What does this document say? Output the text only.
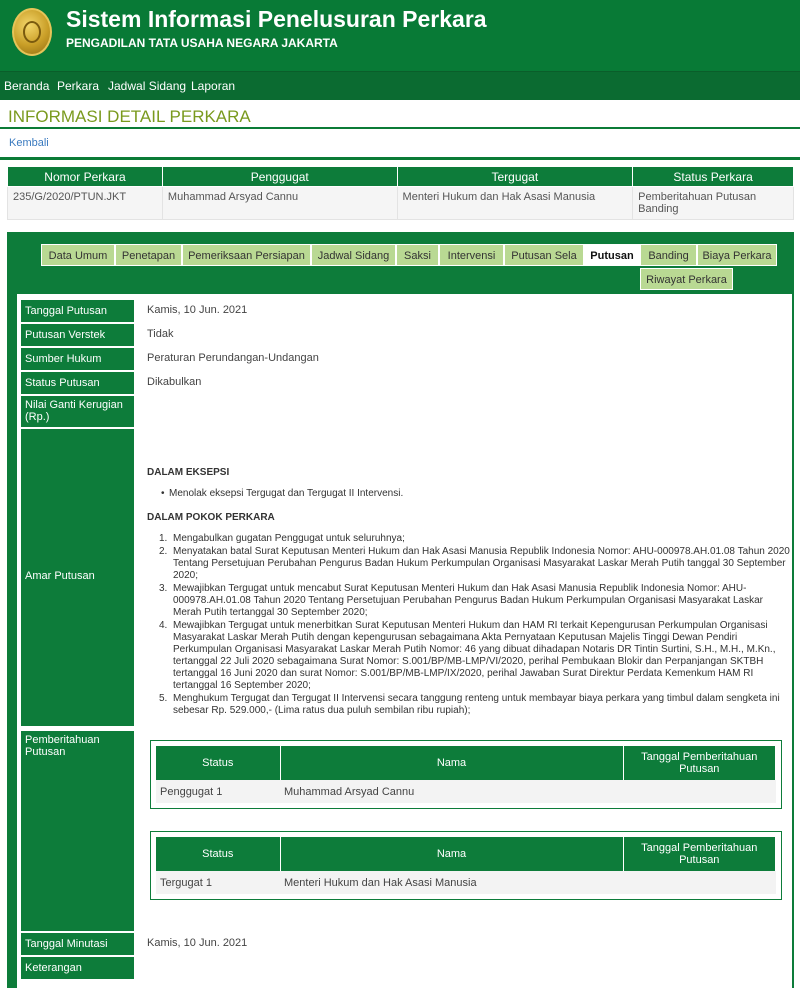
Sistem Informasi Penelusuran Perkara
PENGADILAN TATA USAHA NEGARA JAKARTA
Beranda Perkara Jadwal Sidang Laporan
INFORMASI DETAIL PERKARA
Kembali
Nomor Perkara	Penggugat	Tergugat	Status Perkara
235/G/2020/PTUN.JKT	Muhammad Arsyad Cannu	Menteri Hukum dan Hak Asasi Manusia	Pemberitahuan Putusan Banding
Data Umum	Penetapan	Pemeriksaan Persiapan	Jadwal Sidang	Saksi	Intervensi	Putusan Sela	Putusan	Banding	Biaya Perkara
Riwayat Perkara
Tanggal Putusan	Kamis, 10 Jun. 2021
Putusan Verstek	Tidak
Sumber Hukum	Peraturan Perundangan-Undangan
Status Putusan	Dikabulkan
Nilai Ganti Kerugian (Rp.)
Amar Putusan
DALAM EKSEPSI
• Menolak eksepsi Tergugat dan Tergugat II Intervensi.
DALAM POKOK PERKARA
1. Mengabulkan gugatan Penggugat untuk seluruhnya;
2. Menyatakan batal Surat Keputusan Menteri Hukum dan Hak Asasi Manusia Republik Indonesia Nomor: AHU-000978.AH.01.08 Tahun 2020 Tentang Persetujuan Perubahan Pengurus Badan Hukum Perkumpulan Organisasi Masyarakat Laskar Merah Putih tanggal 30 September 2020;
3. Mewajibkan Tergugat untuk mencabut Surat Keputusan Menteri Hukum dan Hak Asasi Manusia Republik Indonesia Nomor: AHU-000978.AH.01.08 Tahun 2020 Tentang Persetujuan Perubahan Pengurus Badan Hukum Perkumpulan Organisasi Masyarakat Laskar Merah Putih tertanggal 30 September 2020;
4. Mewajibkan Tergugat untuk menerbitkan Surat Keputusan Menteri Hukum dan HAM RI terkait Kepengurusan Perkumpulan Organisasi Masyarakat Laskar Merah Putih dengan kepengurusan sebagaimana Akta Pernyataan Keputusan Majelis Tinggi Dewan Pendiri Perkumpulan Organisasi Masyarakat Laskar Merah Putih Nomor: 46 yang dibuat dihadapan Notaris DR Tintin Surtini, S.H., M.H., M.Kn., tertanggal 22 Juli 2020 sebagaimana Surat Nomor: S.001/BP/MB-LMP/VI/2020, perihal Pembukaan Blokir dan Perpanjangan SKTBH tertanggal 16 Juni 2020 dan surat Nomor: S.001/BP/MB-LMP/IX/2020, perihal Jawaban Surat Direktur Perdata Kemenkum HAM RI tertanggal 16 September 2020;
5. Menghukum Tergugat dan Tergugat II Intervensi secara tanggung renteng untuk membayar biaya perkara yang timbul dalam sengketa ini sebesar Rp. 529.000,- (Lima ratus dua puluh sembilan ribu rupiah);
Pemberitahuan Putusan
Status	Nama	Tanggal Pemberitahuan Putusan
Penggugat 1	Muhammad Arsyad Cannu	
Status	Nama	Tanggal Pemberitahuan Putusan
Tergugat 1	Menteri Hukum dan Hak Asasi Manusia	
Tanggal Minutasi	Kamis, 10 Jun. 2021
Keterangan
